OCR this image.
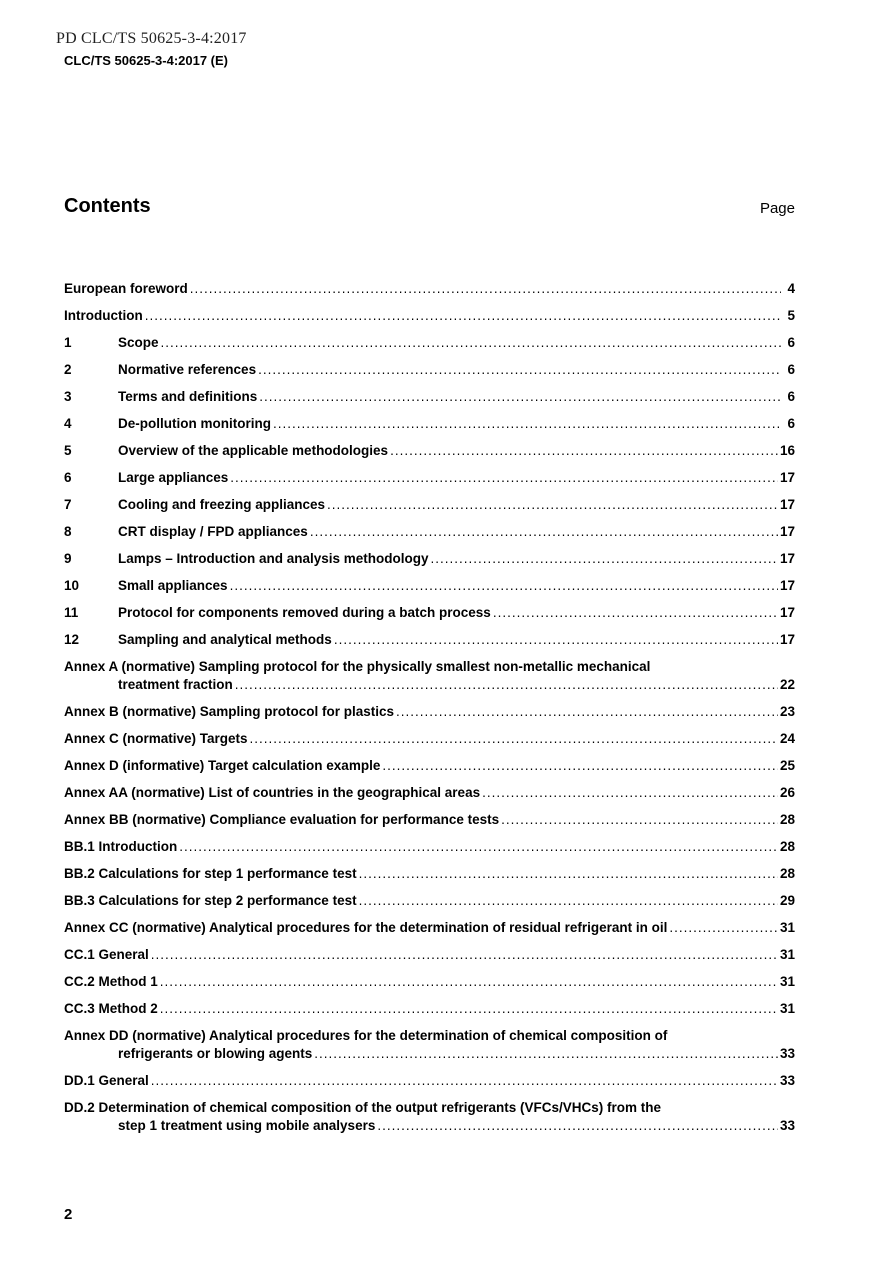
PD CLC/TS 50625-3-4:2017
CLC/TS 50625-3-4:2017 (E)
Contents	Page
European foreword .....	4
Introduction .....	5
1	Scope .....	6
2	Normative references .....	6
3	Terms and definitions .....	6
4	De-pollution monitoring .....	6
5	Overview of the applicable methodologies .....	16
6	Large appliances .....	17
7	Cooling and freezing appliances .....	17
8	CRT display / FPD appliances .....	17
9	Lamps – Introduction and analysis methodology .....	17
10	Small appliances .....	17
11	Protocol for components removed during a batch process .....	17
12	Sampling and analytical methods .....	17
Annex A (normative) Sampling protocol for the physically smallest non-metallic mechanical
treatment fraction .....	22
Annex B (normative) Sampling protocol for plastics .....	23
Annex C (normative) Targets .....	24
Annex D (informative) Target calculation example .....	25
Annex AA (normative) List of countries in the geographical areas .....	26
Annex BB (normative) Compliance evaluation for performance tests .....	28
BB.1 Introduction .....	28
BB.2 Calculations for step 1 performance test .....	28
BB.3 Calculations for step 2 performance test .....	29
Annex CC (normative) Analytical procedures for the determination of residual refrigerant in oil .....	31
CC.1 General .....	31
CC.2 Method 1 .....	31
CC.3 Method 2 .....	31
Annex DD (normative) Analytical procedures for the determination of chemical composition of
refrigerants or blowing agents .....	33
DD.1 General .....	33
DD.2 Determination of chemical composition of the output refrigerants (VFCs/VHCs) from the
step 1 treatment using mobile analysers .....	33
2
